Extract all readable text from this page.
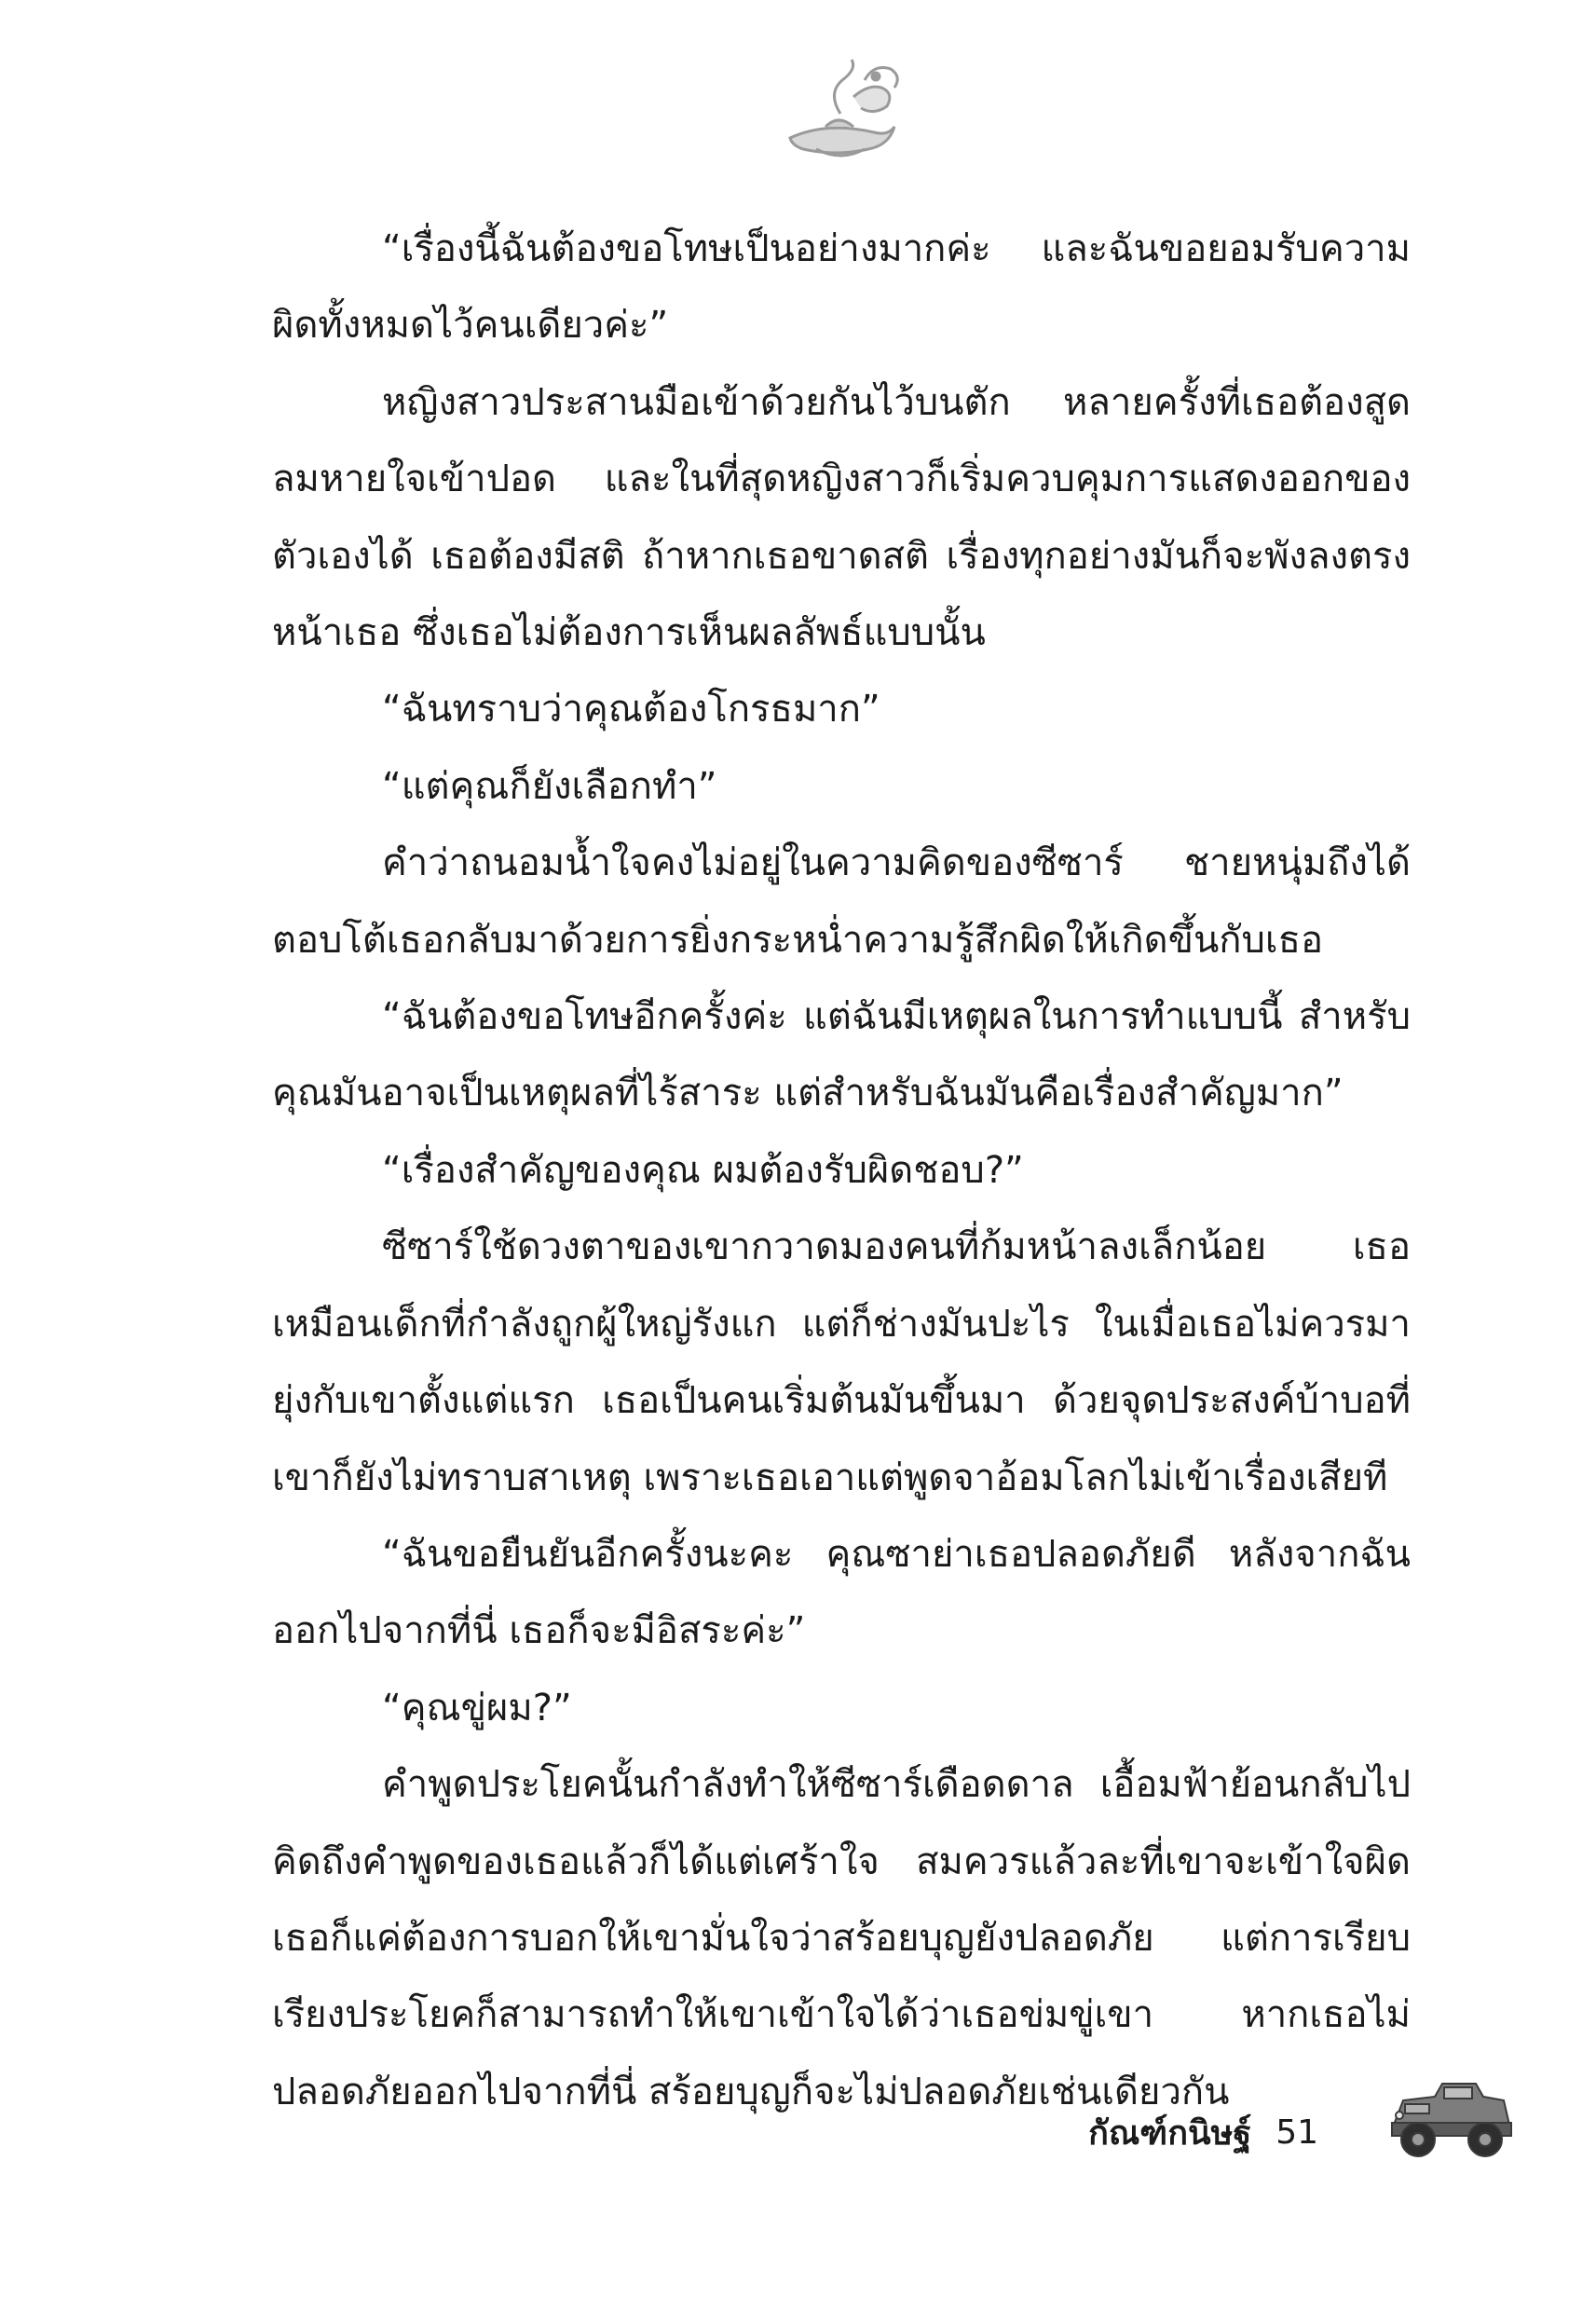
“เรื่องนี้ฉันต้องขอโทษเป็นอย่างมากค่ะ และฉันขอยอมรับความผิดทั้งหมดไว้คนเดียวค่ะ”

หญิงสาวประสานมือเข้าด้วยกันไว้บนตัก หลายครั้งที่เธอต้องสูดลมหายใจเข้าปอด และในที่สุดหญิงสาวก็เริ่มควบคุมการแสดงออกของตัวเองได้ เธอต้องมีสติ ถ้าหากเธอขาดสติ เรื่องทุกอย่างมันก็จะพังลงตรงหน้าเธอ ซึ่งเธอไม่ต้องการเห็นผลลัพธ์แบบนั้น

“ฉันทราบว่าคุณต้องโกรธมาก”

“แต่คุณก็ยังเลือกทำ”

คำว่าถนอมน้ำใจคงไม่อยู่ในความคิดของซีซาร์ ชายหนุ่มถึงได้ตอบโต้เธอกลับมาด้วยการยิ่งกระหน่ำความรู้สึกผิดให้เกิดขึ้นกับเธอ

“ฉันต้องขอโทษอีกครั้งค่ะ แต่ฉันมีเหตุผลในการทำแบบนี้ สำหรับคุณมันอาจเป็นเหตุผลที่ไร้สาระ แต่สำหรับฉันมันคือเรื่องสำคัญมาก”

“เรื่องสำคัญของคุณ ผมต้องรับผิดชอบ?”

ซีซาร์ใช้ดวงตาของเขากวาดมองคนที่ก้มหน้าลงเล็กน้อย เธอเหมือนเด็กที่กำลังถูกผู้ใหญ่รังแก แต่ก็ช่างมันปะไร ในเมื่อเธอไม่ควรมายุ่งกับเขาตั้งแต่แรก เธอเป็นคนเริ่มต้นมันขึ้นมา ด้วยจุดประสงค์บ้าบอที่เขาก็ยังไม่ทราบสาเหตุ เพราะเธอเอาแต่พูดจาอ้อมโลกไม่เข้าเรื่องเสียที

“ฉันขอยืนยันอีกครั้งนะคะ คุณซาย่าเธอปลอดภัยดี หลังจากฉันออกไปจากที่นี่ เธอก็จะมีอิสระค่ะ”

“คุณขู่ผม?”

คำพูดประโยคนั้นกำลังทำให้ซีซาร์เดือดดาล เอื้อมฟ้าย้อนกลับไปคิดถึงคำพูดของเธอแล้วก็ได้แต่เศร้าใจ สมควรแล้วละที่เขาจะเข้าใจผิด เธอก็แค่ต้องการบอกให้เขามั่นใจว่าสร้อยบุญยังปลอดภัย แต่การเรียบเรียงประโยคก็สามารถทำให้เขาเข้าใจได้ว่าเธอข่มขู่เขา หากเธอไม่ปลอดภัยออกไปจากที่นี่ สร้อยบุญก็จะไม่ปลอดภัยเช่นเดียวกัน

กัณฑ์กนิษฐ์ 51
